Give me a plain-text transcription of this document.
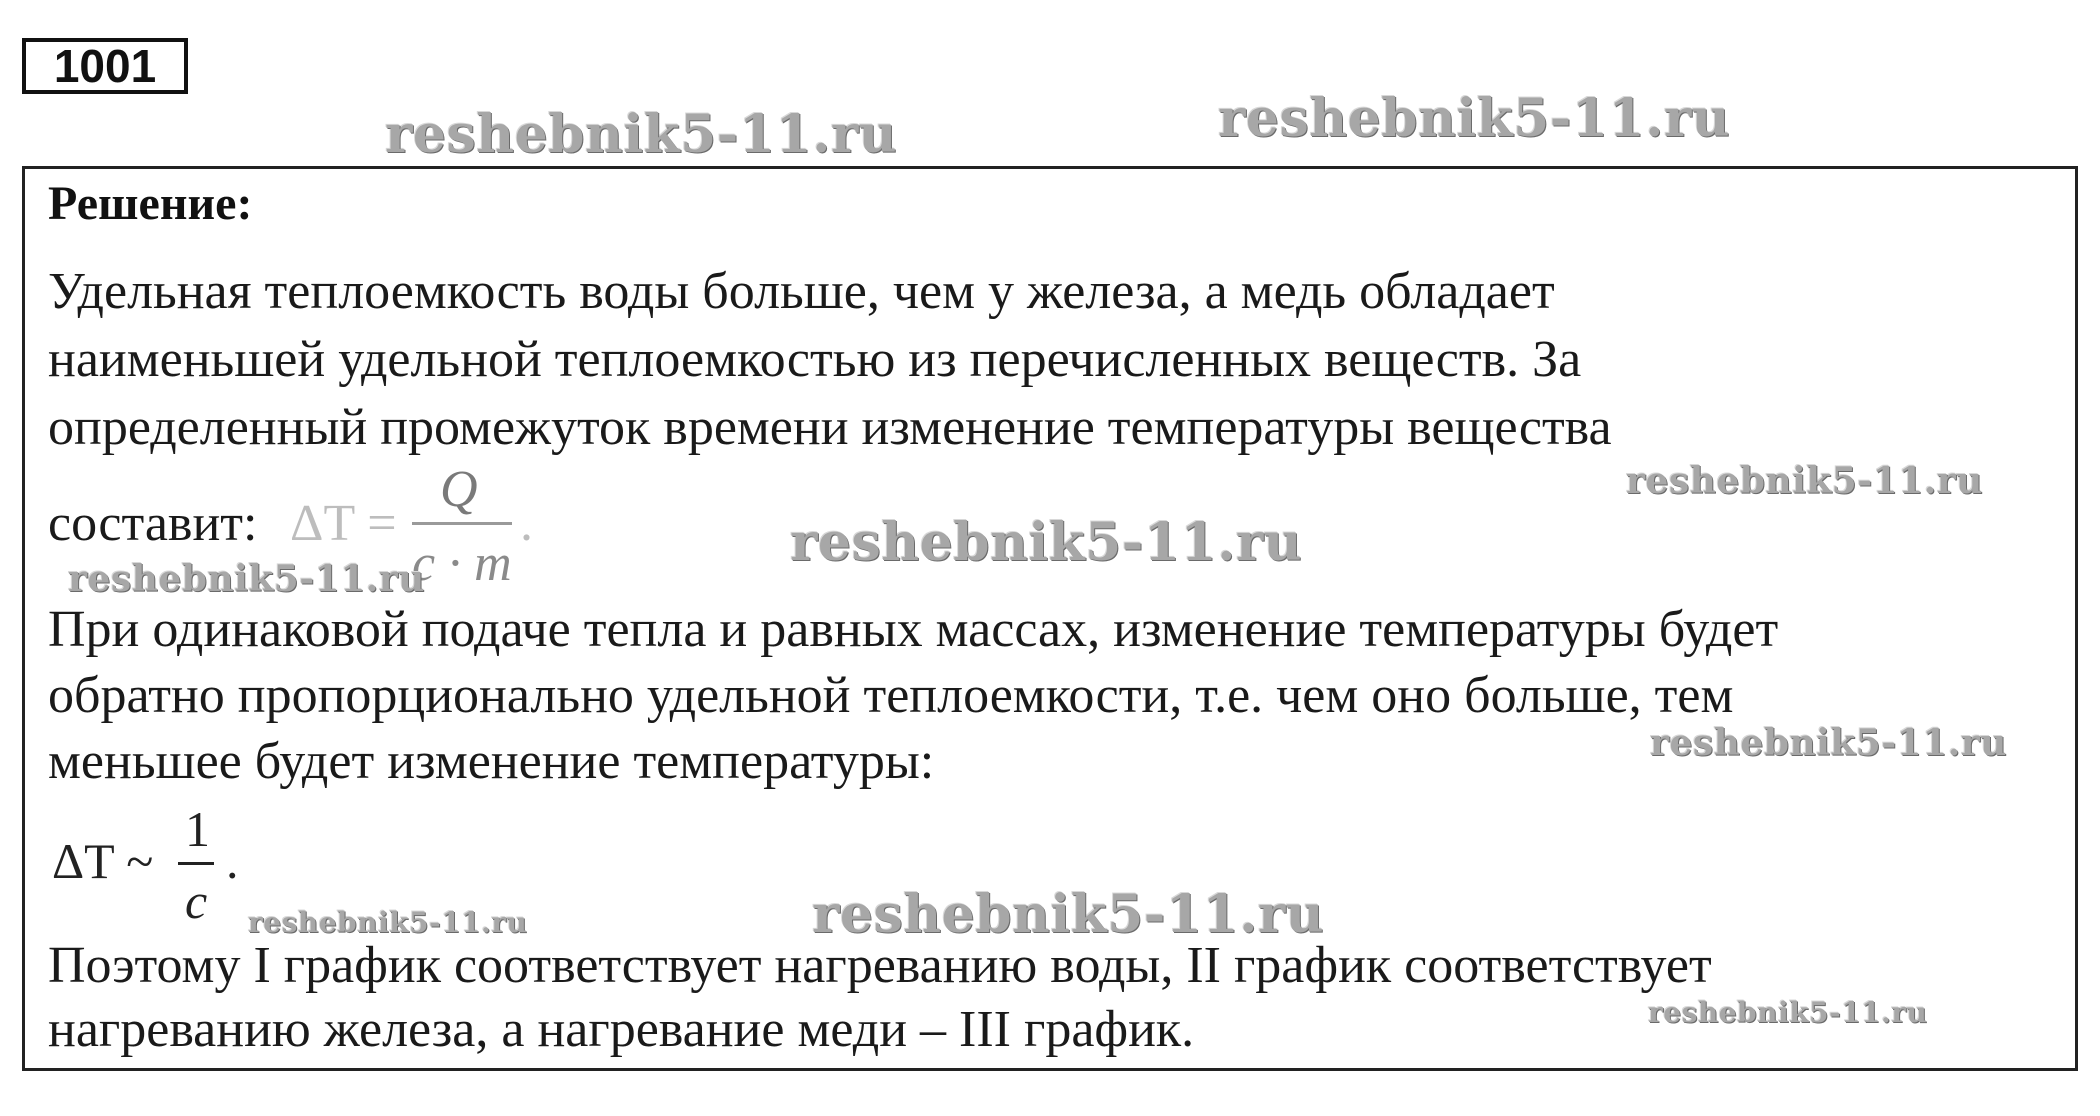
1001
reshebnik5-11.ru	reshebnik5-11.ru
Решение:
Удельная теплоемкость воды больше, чем у железа, а медь обладает
наименьшей удельной теплоемкостью из перечисленных веществ. За
определенный промежуток времени изменение температуры вещества
составит: ΔT =
Q
c · m
.
reshebnik5-11.ru
reshebnik5-11.ru
reshebnik5-11.ru
При одинаковой подаче тепла и равных массах, изменение температуры будет
обратно пропорционально удельной теплоемкости, т.е. чем оно больше, тем
меньшее будет изменение температуры:	reshebnik5-11.ru
ΔT ~
1
c
.
reshebnik5-11.ru	reshebnik5-11.ru
Поэтому I график соответствует нагреванию воды, II график соответствует
нагреванию железа, а нагревание меди – III график.	reshebnik5-11.ru
